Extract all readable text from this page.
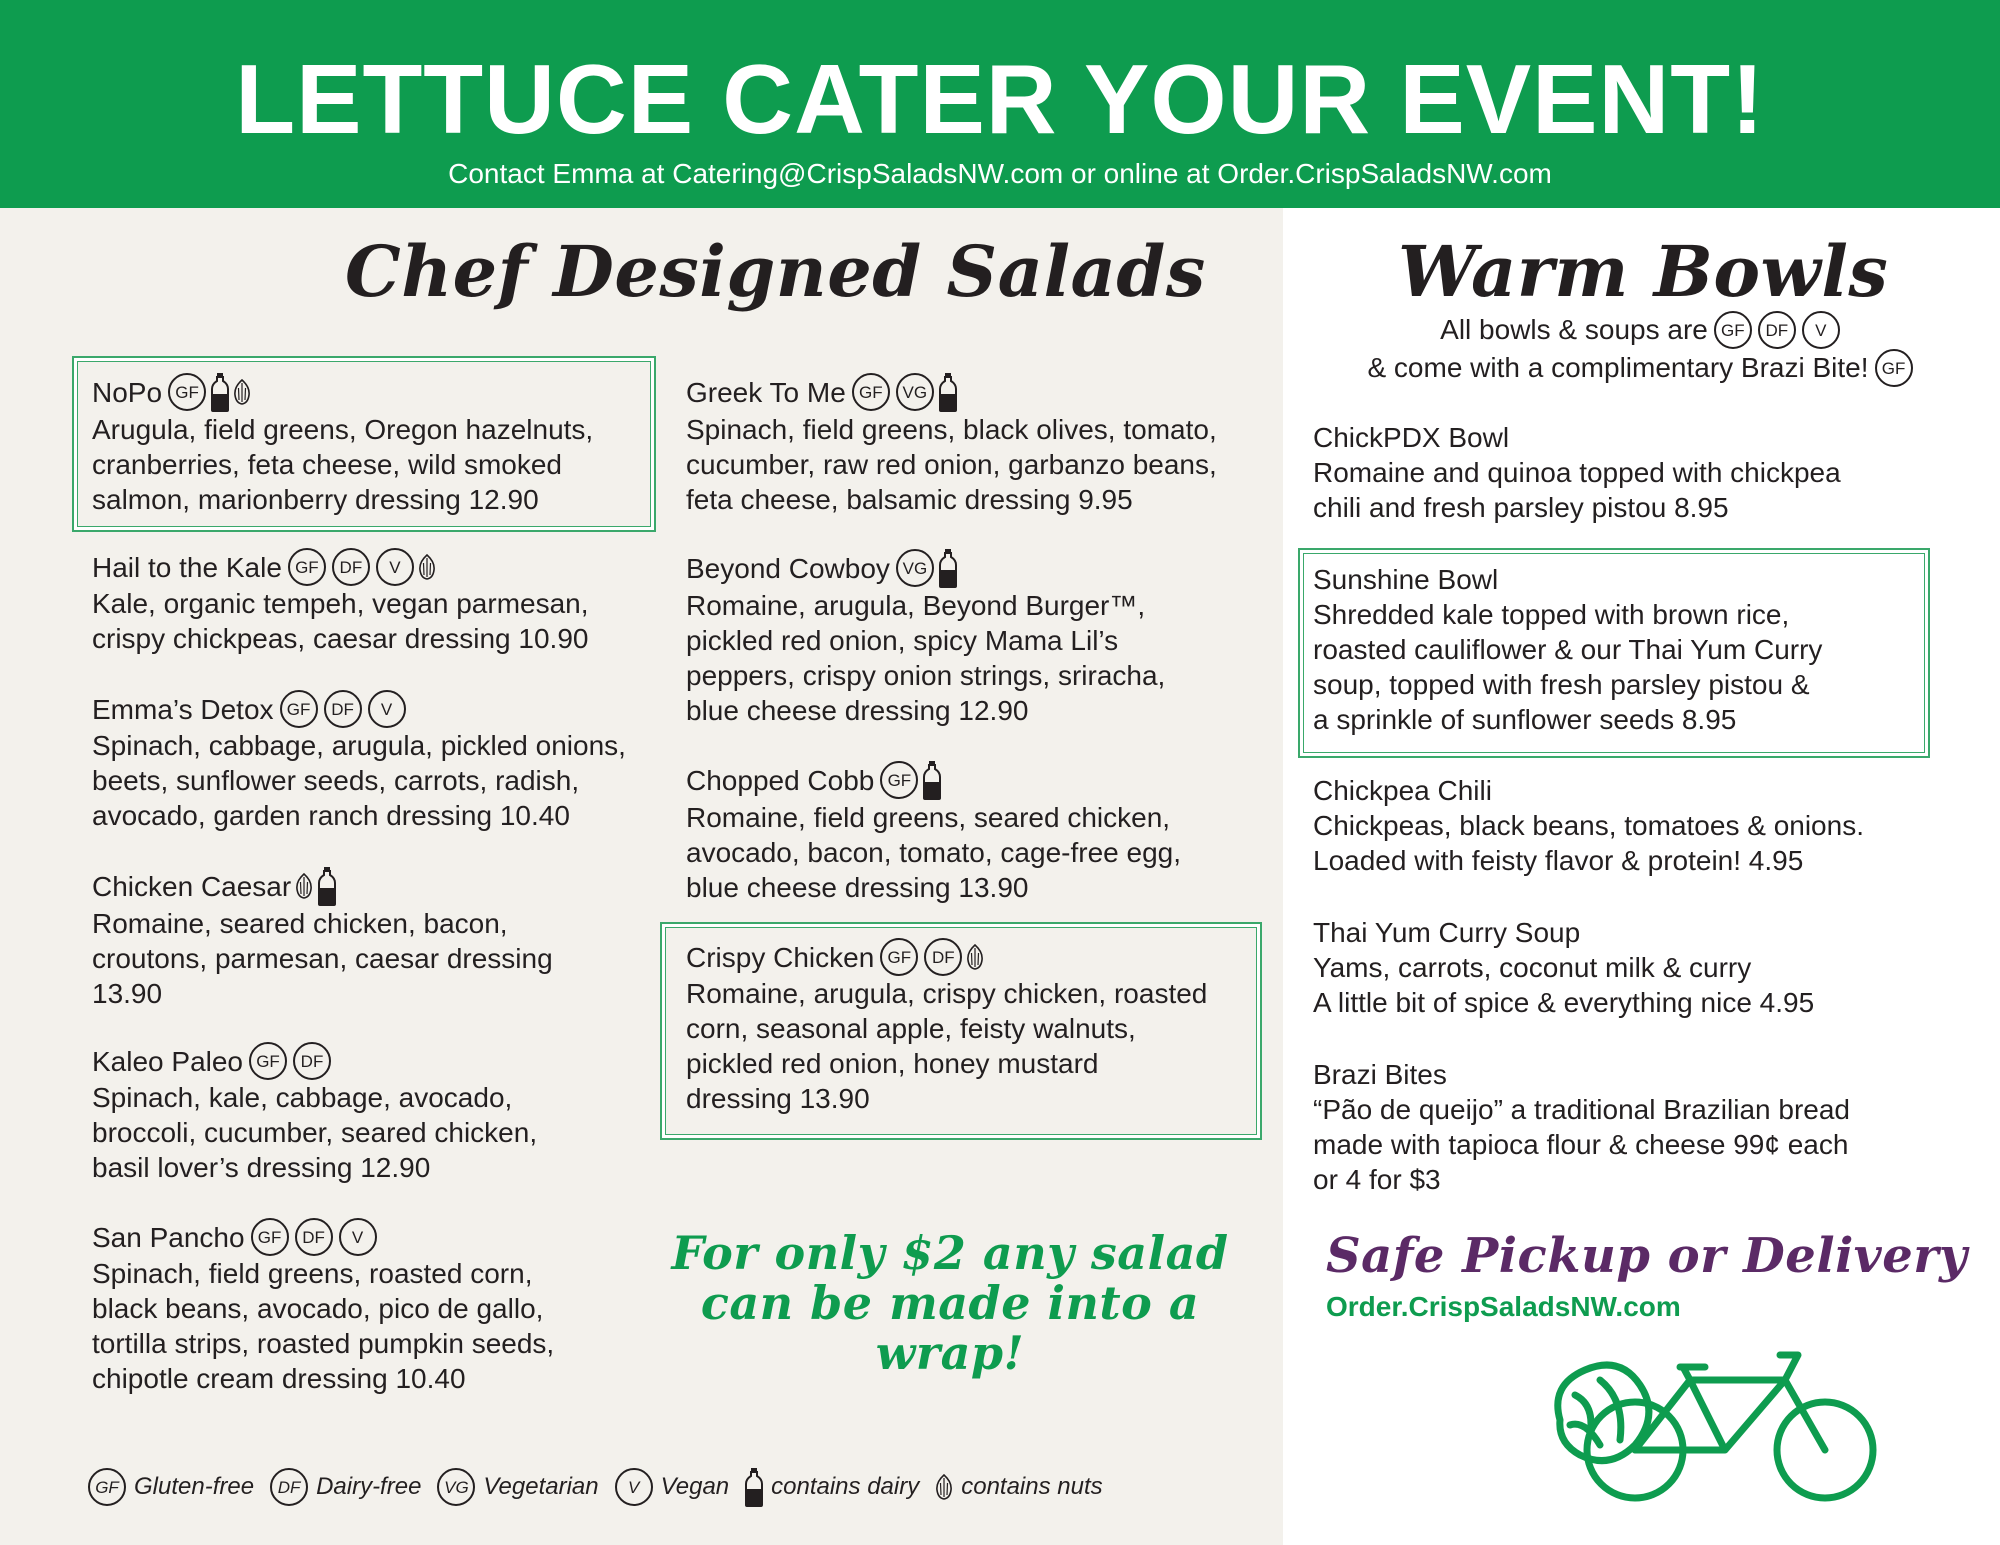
LETTUCE CATER YOUR EVENT!
Contact Emma at Catering@CrispSaladsNW.com or online at Order.CrispSaladsNW.com
Chef Designed Salads	Warm Bowls
NoPo GF
Arugula, field greens, Oregon hazelnuts,
cranberries, feta cheese, wild smoked
salmon, marionberry dressing 12.90
Hail to the Kale GF	DF	V
Kale, organic tempeh, vegan parmesan,
crispy chickpeas, caesar dressing 10.90
Emma’s Detox GF	DF	V
Spinach, cabbage, arugula, pickled onions,
beets, sunflower seeds, carrots, radish,
avocado, garden ranch dressing 10.40
Chicken Caesar
Romaine, seared chicken, bacon,
croutons, parmesan, caesar dressing
13.90
Kaleo Paleo GF	DF
Spinach, kale, cabbage, avocado,
broccoli, cucumber, seared chicken,
basil lover’s dressing 12.90
San Pancho GF	DF	V
Spinach, field greens, roasted corn,
black beans, avocado, pico de gallo,
tortilla strips, roasted pumpkin seeds,
chipotle cream dressing 10.40
Greek To Me GF	VG
Spinach, field greens, black olives, tomato,
cucumber, raw red onion, garbanzo beans,
feta cheese, balsamic dressing 9.95
Beyond Cowboy VG
Romaine, arugula, Beyond Burger™,
pickled red onion, spicy Mama Lil’s
peppers, crispy onion strings, sriracha,
blue cheese dressing 12.90
Chopped Cobb GF
Romaine, field greens, seared chicken,
avocado, bacon, tomato, cage-free egg,
blue cheese dressing 13.90
Crispy Chicken GF	DF
Romaine, arugula, crispy chicken, roasted
corn, seasonal apple, feisty walnuts,
pickled red onion, honey mustard
dressing 13.90
For only $2 any salad
can be made into a wrap!
All bowls & soups are GF	DF	V
& come with a complimentary Brazi Bite! GF
ChickPDX Bowl
Romaine and quinoa topped with chickpea
chili and fresh parsley pistou 8.95
Sunshine Bowl
Shredded kale topped with brown rice,
roasted cauliflower & our Thai Yum Curry
soup, topped with fresh parsley pistou &
a sprinkle of sunflower seeds 8.95
Chickpea Chili
Chickpeas, black beans, tomatoes & onions.
Loaded with feisty flavor & protein! 4.95
Thai Yum Curry Soup
Yams, carrots, coconut milk & curry
A little bit of spice & everything nice 4.95
Brazi Bites
“Pão de queijo” a traditional Brazilian bread
made with tapioca flour & cheese 99¢ each
or 4 for $3
Safe Pickup or Delivery
Order.CrispSaladsNW.com
GF Gluten-free	DF Dairy-free	VG Vegetarian	V Vegan contains dairy contains nuts
